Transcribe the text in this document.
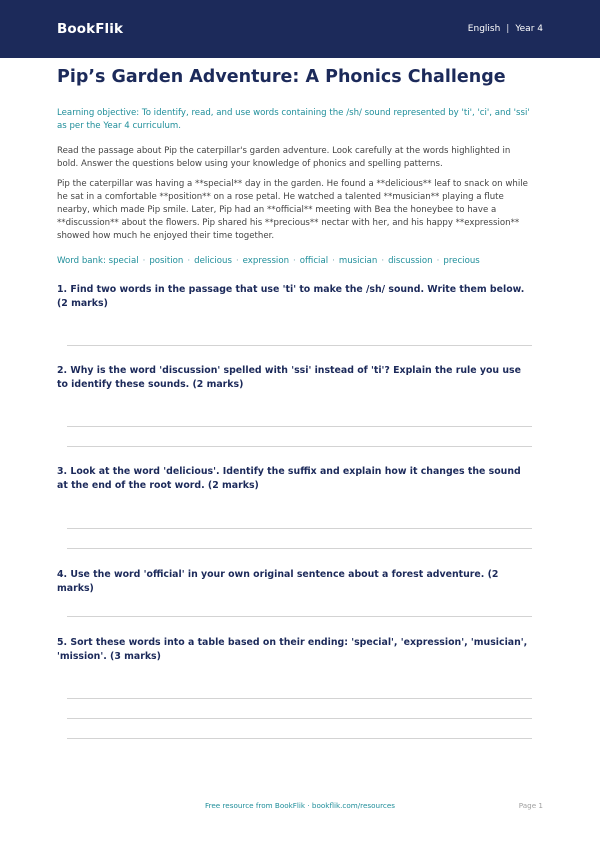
BookFlik	English | Year 4
Pip’s Garden Adventure: A Phonics Challenge
Learning objective: To identify, read, and use words containing the /sh/ sound represented by 'ti', 'ci', and 'ssi' as per the Year 4 curriculum.
Read the passage about Pip the caterpillar's garden adventure. Look carefully at the words highlighted in bold. Answer the questions below using your knowledge of phonics and spelling patterns.
Pip the caterpillar was having a **special** day in the garden. He found a **delicious** leaf to snack on while he sat in a comfortable **position** on a rose petal. He watched a talented **musician** playing a flute nearby, which made Pip smile. Later, Pip had an **official** meeting with Bea the honeybee to have a **discussion** about the flowers. Pip shared his **precious** nectar with her, and his happy **expression** showed how much he enjoyed their time together.
Word bank: special · position · delicious · expression · official · musician · discussion · precious
1. Find two words in the passage that use 'ti' to make the /sh/ sound. Write them below. (2 marks)
2. Why is the word 'discussion' spelled with 'ssi' instead of 'ti'? Explain the rule you use to identify these sounds. (2 marks)
3. Look at the word 'delicious'. Identify the suffix and explain how it changes the sound at the end of the root word. (2 marks)
4. Use the word 'official' in your own original sentence about a forest adventure. (2 marks)
5. Sort these words into a table based on their ending: 'special', 'expression', 'musician', 'mission'. (3 marks)
Free resource from BookFlik · bookflik.com/resources	Page 1
